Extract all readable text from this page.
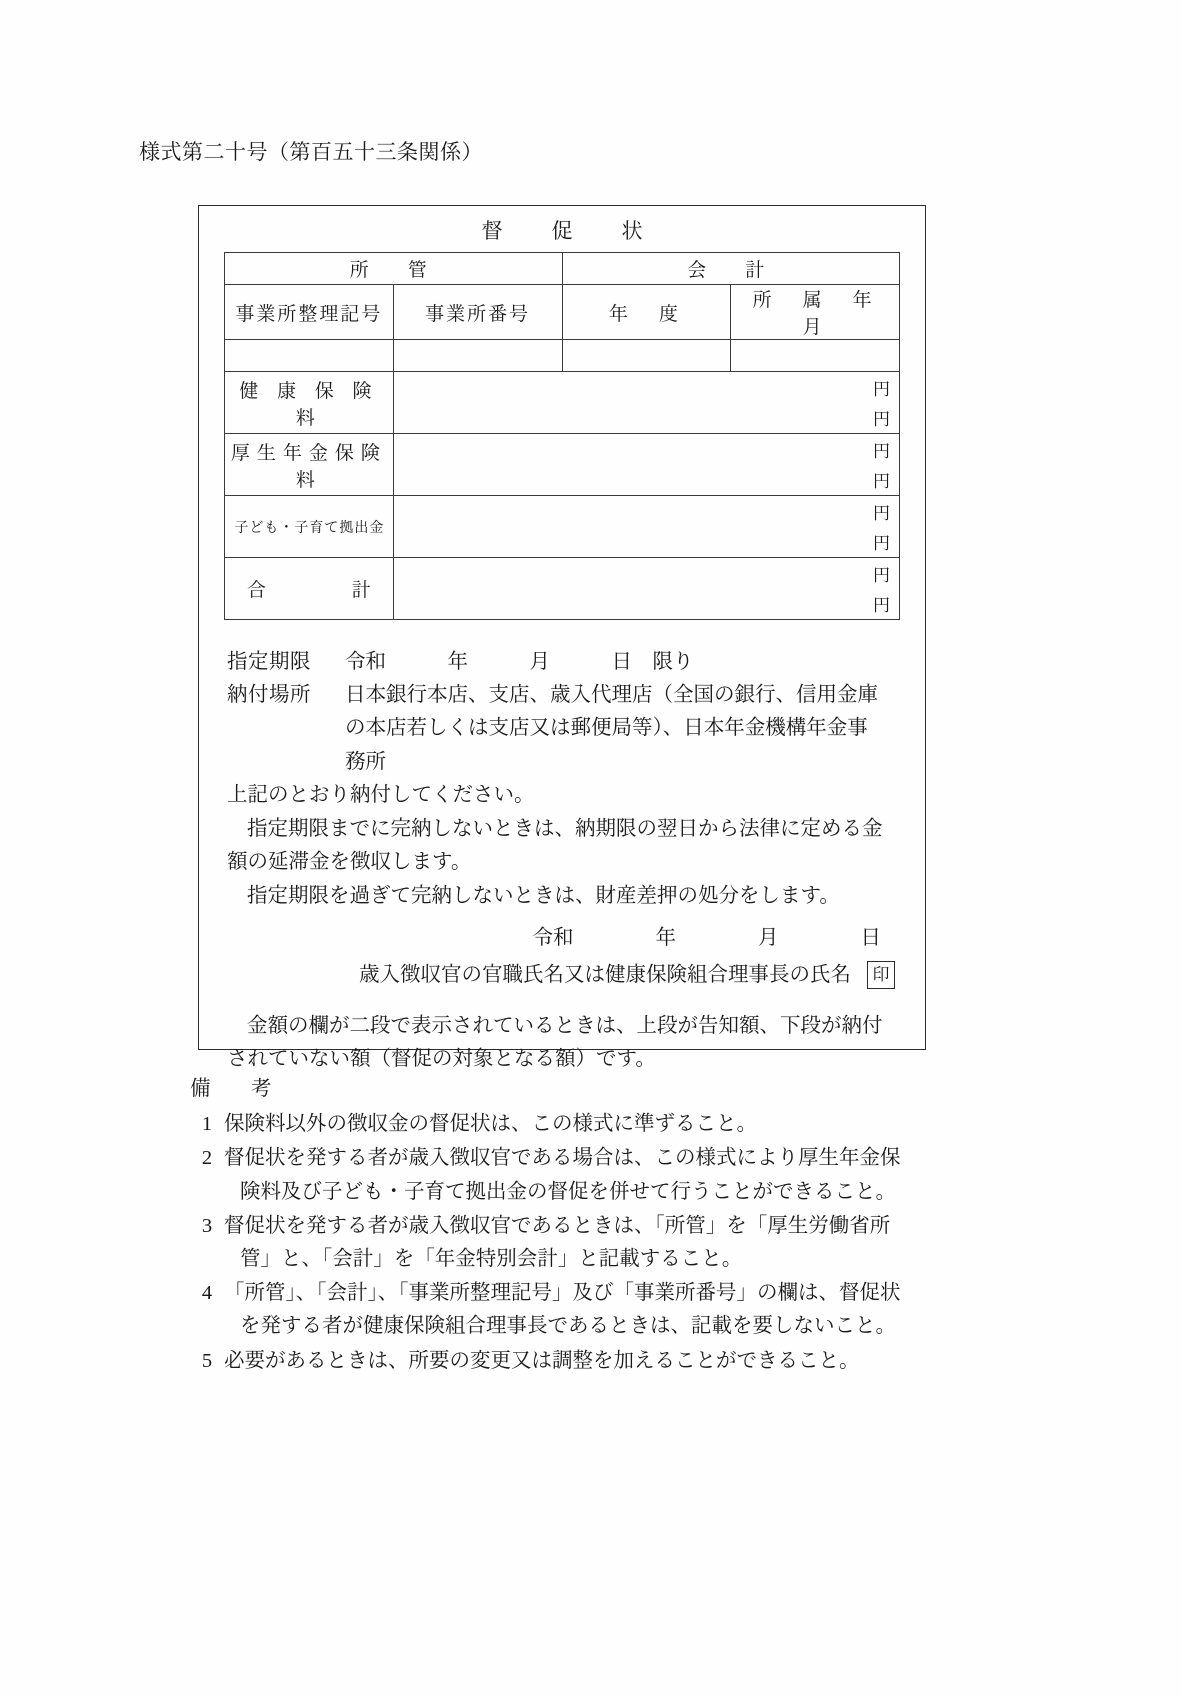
様式第二十号（第百五十三条関係）
督　促　状
所　管		会　計	
事業所整理記号	事業所番号	年　度	所　属　年　月

健 康 保 険 料	円
円		

厚生年金保険料	円
円		

子ども・子育て拠出金	円
円		

合 計	円
円		
指定期限	令和　　　年　　　月　　　日　限り
納付場所	日本銀行本店、支店、歳入代理店（全国の銀行、信用金庫
の本店若しくは支店又は郵便局等）、日本年金機構年金事
務所
上記のとおり納付してください。
指定期限までに完納しないときは、納期限の翌日から法律に定める金
額の延滞金を徴収します。
指定期限を過ぎて完納しないときは、財産差押の処分をします。
令和　　　　年　　　　月　　　　日
歳入徴収官の官職氏名又は健康保険組合理事長の氏名	印
金額の欄が二段で表示されているときは、上段が告知額、下段が納付
されていない額（督促の対象となる額）です。
備　考
1 保険料以外の徴収金の督促状は、この様式に準ずること。
2 督促状を発する者が歳入徴収官である場合は、この様式により厚生年金保
険料及び子ども・子育て拠出金の督促を併せて行うことができること。
3 督促状を発する者が歳入徴収官であるときは、「所管」を「厚生労働省所
管」と、「会計」を「年金特別会計」と記載すること。
4 「所管」、「会計」、「事業所整理記号」及び「事業所番号」の欄は、督促状
を発する者が健康保険組合理事長であるときは、記載を要しないこと。
5 必要があるときは、所要の変更又は調整を加えることができること。
